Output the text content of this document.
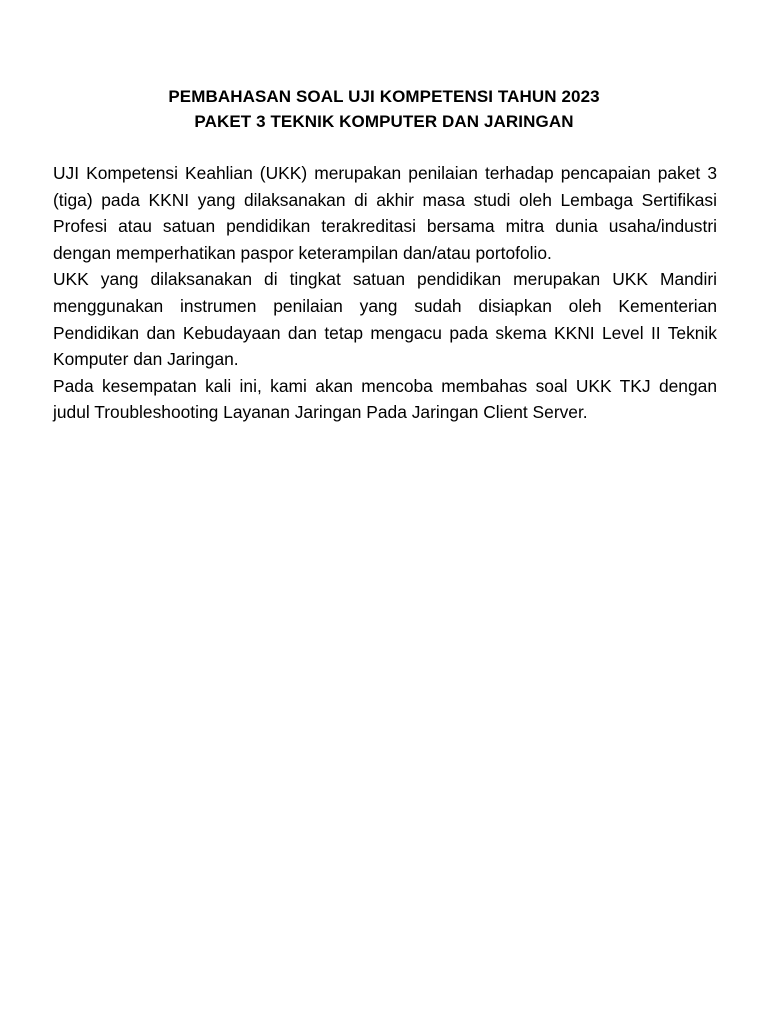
PEMBAHASAN SOAL UJI KOMPETENSI TAHUN 2023
PAKET 3 TEKNIK KOMPUTER DAN JARINGAN

UJI Kompetensi Keahlian (UKK) merupakan penilaian terhadap pencapaian paket 3 (tiga) pada KKNI yang dilaksanakan di akhir masa studi oleh Lembaga Sertifikasi Profesi atau satuan pendidikan terakreditasi bersama mitra dunia usaha/industri dengan memperhatikan paspor keterampilan dan/atau portofolio.

UKK yang dilaksanakan di tingkat satuan pendidikan merupakan UKK Mandiri menggunakan instrumen penilaian yang sudah disiapkan oleh Kementerian Pendidikan dan Kebudayaan dan tetap mengacu pada skema KKNI Level II Teknik Komputer dan Jaringan.

Pada kesempatan kali ini, kami akan mencoba membahas soal UKK TKJ dengan judul Troubleshooting Layanan Jaringan Pada Jaringan Client Server.
